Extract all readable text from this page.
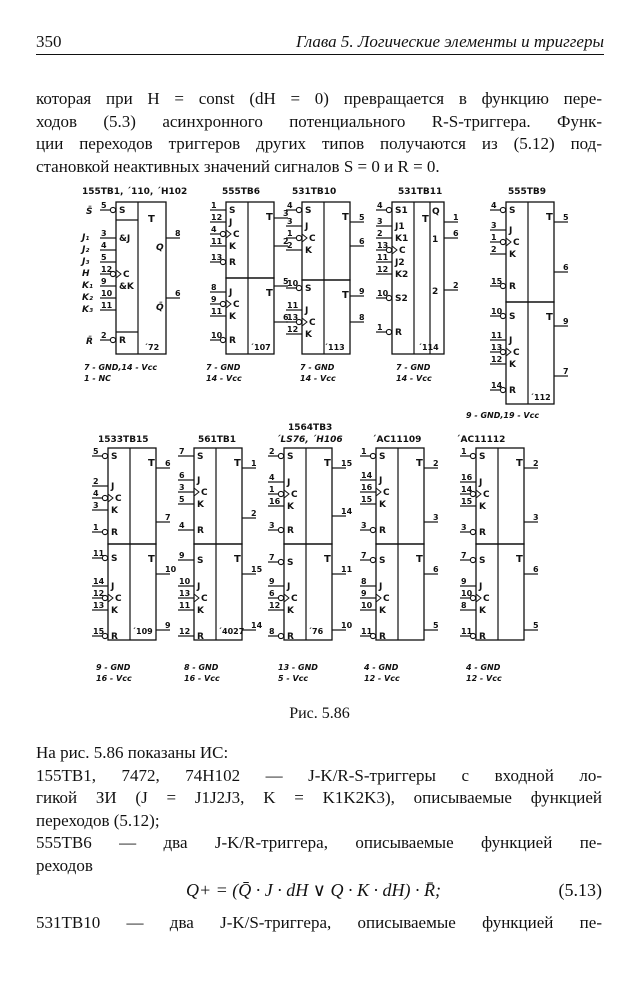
350	Глава 5. Логические элементы и триггеры
которая при H = const (dH = 0) превращается в функцию пере-
ходов (5.3) асинхронного потенциального R-S-триггера. Функ-
ции переходов триггеров других типов получаются из (5.12) под-
становкой неактивных значений сигналов S = 0 и R = 0.
155ТВ1, ´110, ´H102
T
5
S
S̄
3
&J
4
5
12
C
9
&K
10
11
J₁
J₂
J₃
H
K₁
K₂
K₃
2
R
R̄
8
Q
6
Q̄
´72
7 - GND,14 - Vcc
1 - NC
555ТВ6
T
1
S
12
J
4
C
11
K
13
R
3
2
T
8
J
9
C
11
K
10
R
5
6
´107
7 - GND
14 - Vcc
531ТВ10
T
4
S
3
J
1
C
2
K
5
6
T
10
S
11
J
13
C
12
K
9
8
´113
7 - GND
14 - Vcc
531ТВ11
T
4
S1
3
J1
2
K1
13
C
11
J2
12
K2
10
S2
1
R
Q
1
6
2
2
1
´114
7 - GND
14 - Vcc
555ТВ9
T
4
S
3
J
1
C
2
K
15
R
5
6
T
10
S
11
J
13
C
12
K
14
R
9
7
´112
9 - GND,19 - Vcc
1533ТВ15
T
5
S
2
J
4
C
3
K
1
R
6
7
T
11
S
14
J
12
C
13
K
15
R
10
9
´109
9 - GND
16 - Vcc
561ТВ1
T
7
S
6
J
3
C
5
K
4
R
1
2
T
9
S
10
J
13
C
11
K
12
R
15
14
´4027
8 - GND
16 - Vcc
1564ТВ3
´LS76, ´H106
T
2
S
4
J
1
C
16
K
3
R
15
14
T
7
S
9
J
6
C
12
K
8
R
11
10
´76
13 - GND
5 - Vcc
´AC11109
T
1
S
14
J
16
C
15
K
3
R
2
3
T
7
S
8
J
9
C
10
K
11
R
6
5
4 - GND
12 - Vcc
´AC11112
T
1
S
16
J
14
C
15
K
3
R
2
3
T
7
S
9
J
10
C
8
K
11
R
6
5
4 - GND
12 - Vcc
Рис. 5.86
На рис. 5.86 показаны ИС:
155ТВ1, 7472, 74H102 — J-K/R-S-триггеры с входной ло-
гикой ЗИ (J = J1J2J3, K = K1K2K3), описываемые функцией
переходов (5.12);
555ТВ6 — два J-K/R-триггера, описываемые функцией пе-
реходов
Q+ = (Q̄ · J · dH ∨ Q · K · dH) · R̄;	(5.13)
531ТВ10 — два J-K/S-триггера, описываемые функцией пе-
